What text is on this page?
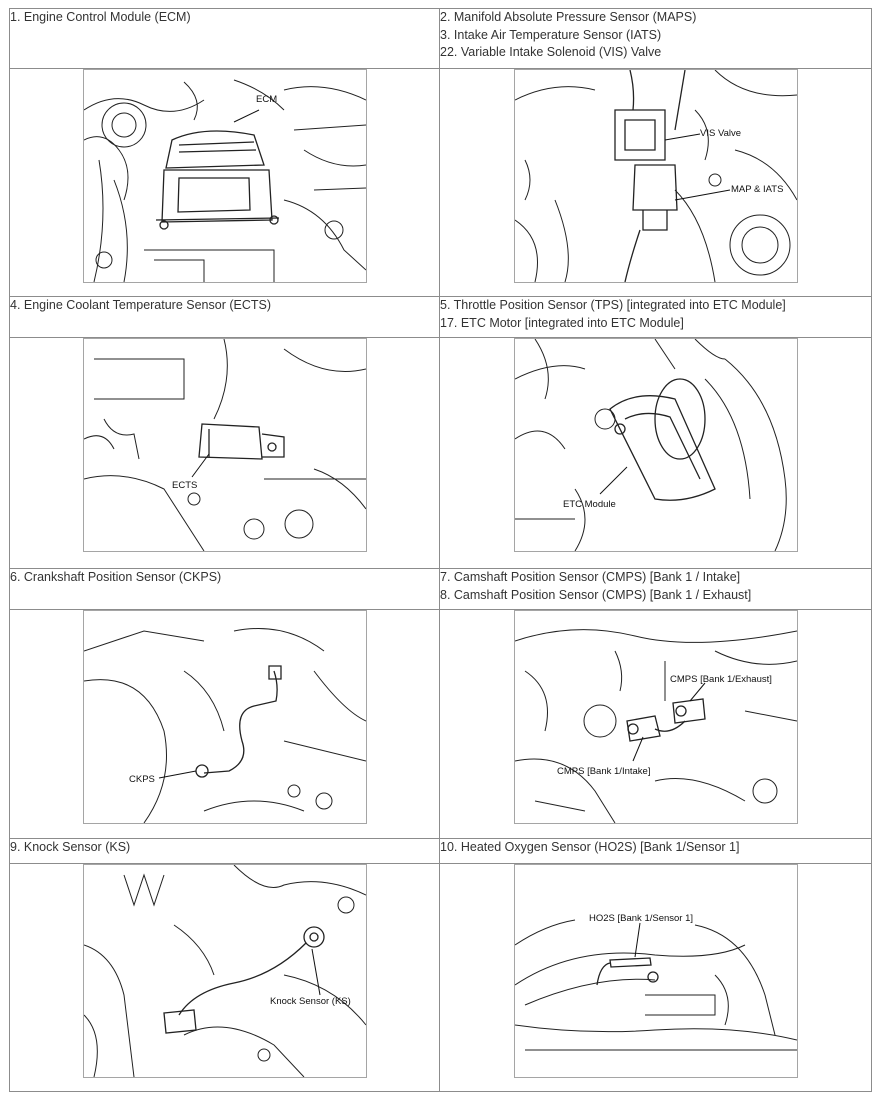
1. Engine Control Module (ECM)	2. Manifold Absolute Pressure Sensor (MAPS)
3. Intake Air Temperature Sensor (IATS)
22. Variable Intake Solenoid (VIS) Valve

ECM	VIS Valve
MAP & IATS

4. Engine Coolant Temperature Sensor (ECTS)	5. Throttle Position Sensor (TPS) [integrated into ETC Module]
17. ETC Motor [integrated into ETC Module]

ECTS	ETC Module

6. Crankshaft Position Sensor (CKPS)	7. Camshaft Position Sensor (CMPS) [Bank 1 / Intake]
8. Camshaft Position Sensor (CMPS) [Bank 1 / Exhaust]

CKPS	CMPS [Bank 1/Exhaust]
CMPS [Bank 1/Intake]

9. Knock Sensor (KS)	10. Heated Oxygen Sensor (HO2S) [Bank 1/Sensor 1]

Knock Sensor (KS)	HO2S [Bank 1/Sensor 1]
